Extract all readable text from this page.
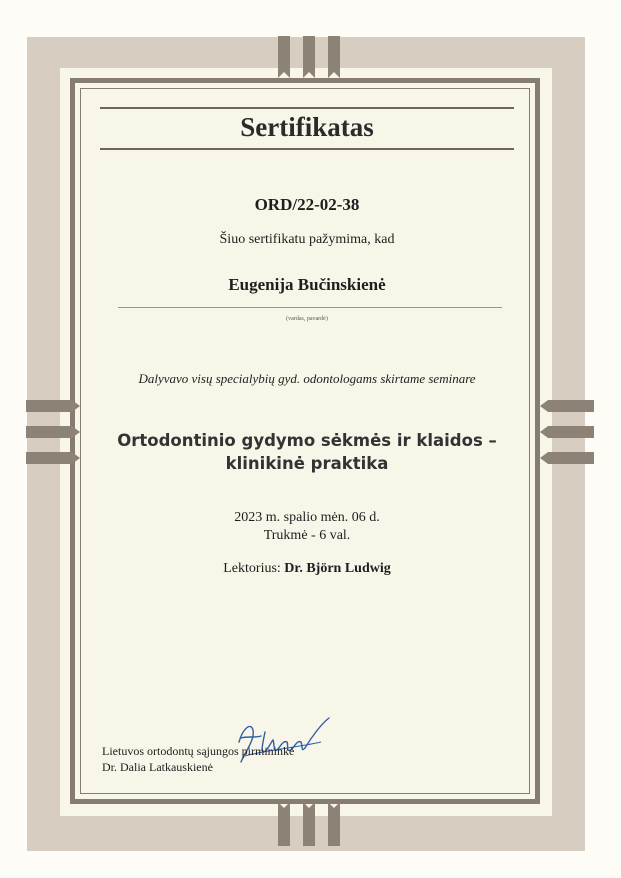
Sertifikatas
ORD/22-02-38
Šiuo sertifikatu pažymima, kad
Eugenija Bučinskienė
(vardas, pavardė)
Dalyvavo visų specialybių gyd. odontologams skirtame seminare
Ortodontinio gydymo sėkmės ir klaidos –
klinikinė praktika
2023 m. spalio mėn. 06 d.
Trukmė - 6 val.
Lektorius: Dr. Björn Ludwig
Lietuvos ortodontų sąjungos pirmininkė
Dr. Dalia Latkauskienė
